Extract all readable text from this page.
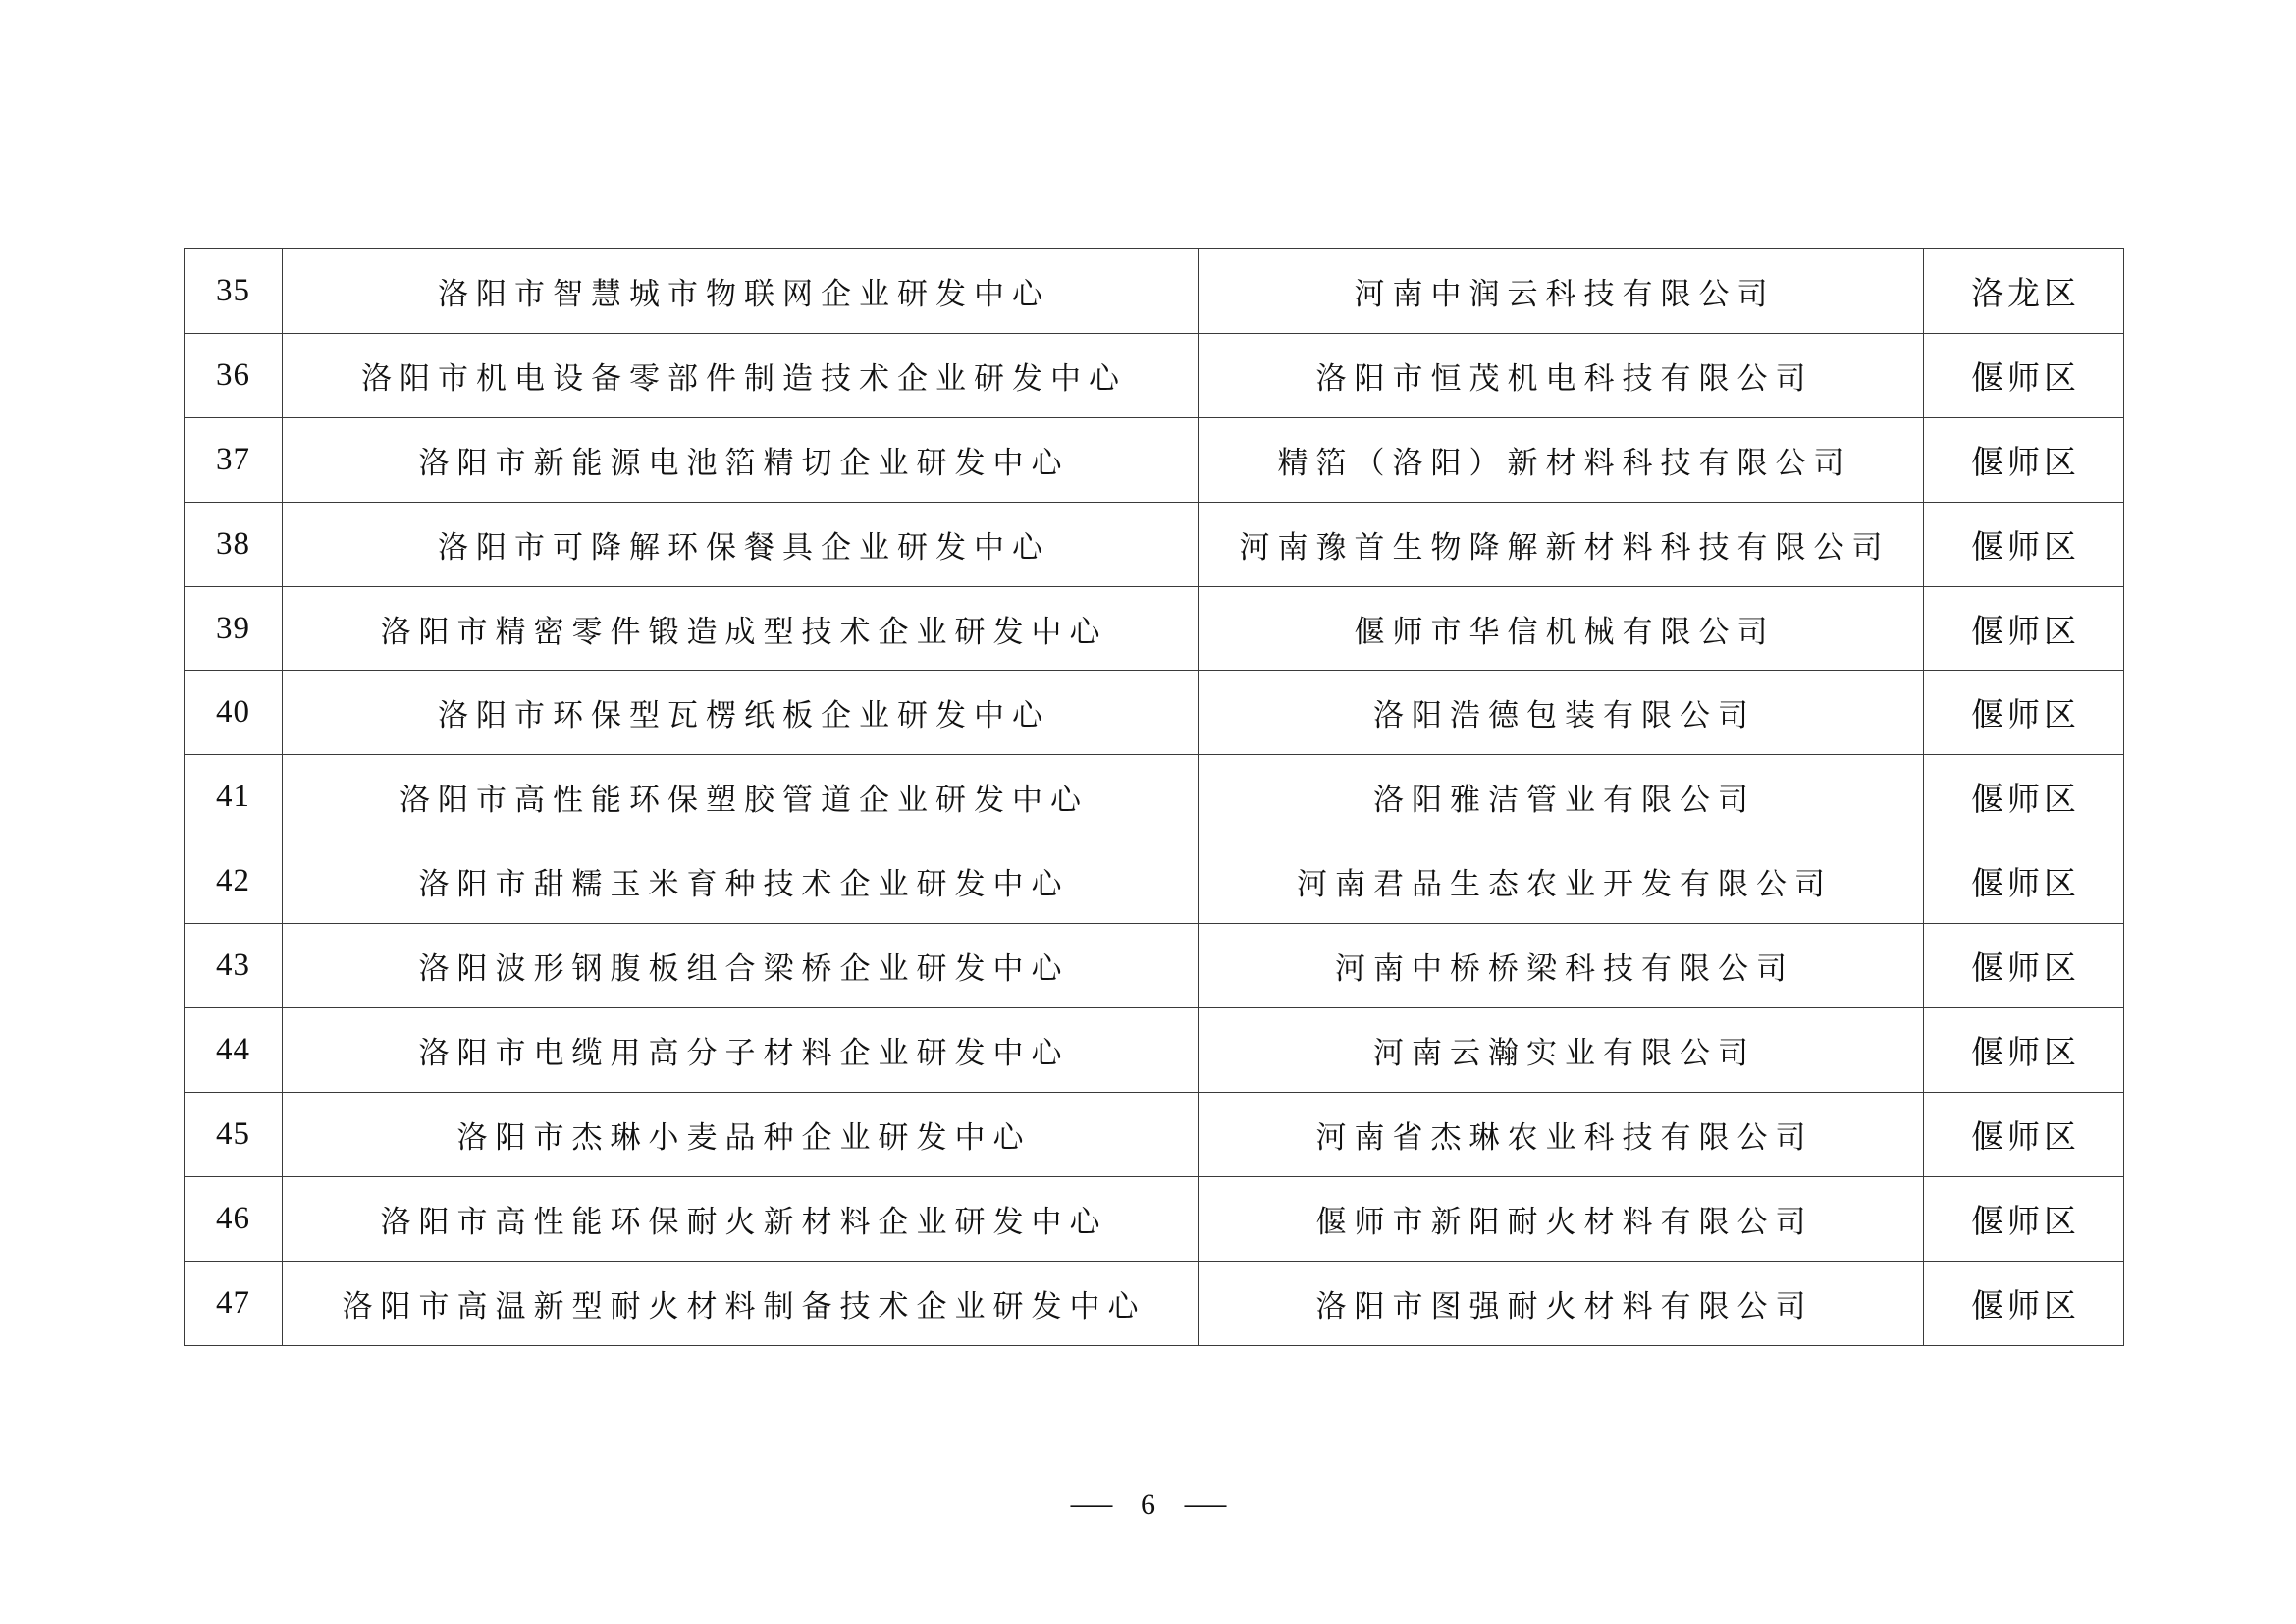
35	洛阳市智慧城市物联网企业研发中心	河南中润云科技有限公司	洛龙区
36	洛阳市机电设备零部件制造技术企业研发中心	洛阳市恒茂机电科技有限公司	偃师区
37	洛阳市新能源电池箔精切企业研发中心	精箔（洛阳）新材料科技有限公司	偃师区
38	洛阳市可降解环保餐具企业研发中心	河南豫首生物降解新材料科技有限公司	偃师区
39	洛阳市精密零件锻造成型技术企业研发中心	偃师市华信机械有限公司	偃师区
40	洛阳市环保型瓦楞纸板企业研发中心	洛阳浩德包装有限公司	偃师区
41	洛阳市高性能环保塑胶管道企业研发中心	洛阳雅洁管业有限公司	偃师区
42	洛阳市甜糯玉米育种技术企业研发中心	河南君品生态农业开发有限公司	偃师区
43	洛阳波形钢腹板组合梁桥企业研发中心	河南中桥桥梁科技有限公司	偃师区
44	洛阳市电缆用高分子材料企业研发中心	河南云瀚实业有限公司	偃师区
45	洛阳市杰琳小麦品种企业研发中心	河南省杰琳农业科技有限公司	偃师区
46	洛阳市高性能环保耐火新材料企业研发中心	偃师市新阳耐火材料有限公司	偃师区
47	洛阳市高温新型耐火材料制备技术企业研发中心	洛阳市图强耐火材料有限公司	偃师区
— 6 —
